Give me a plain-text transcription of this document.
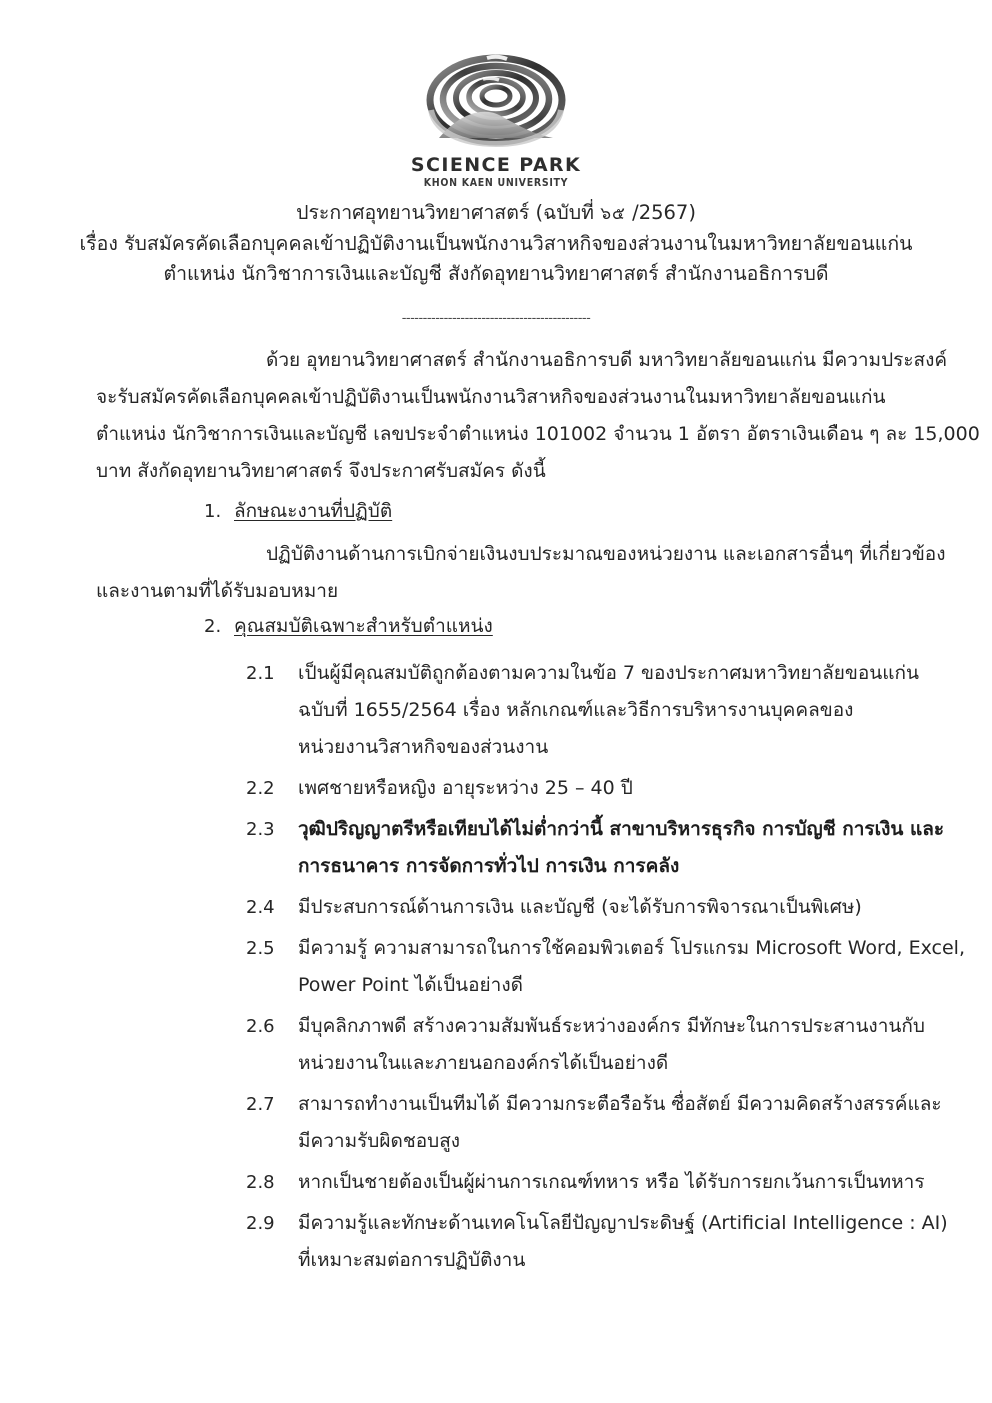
SCIENCE PARK
KHON KAEN UNIVERSITY
ประกาศอุทยานวิทยาศาสตร์ (ฉบับที่ ๖๕ /2567)
เรื่อง รับสมัครคัดเลือกบุคคลเข้าปฏิบัติงานเป็นพนักงานวิสาหกิจของส่วนงานในมหาวิทยาลัยขอนแก่น
ตำแหน่ง นักวิชาการเงินและบัญชี สังกัดอุทยานวิทยาศาสตร์ สำนักงานอธิการบดี
---------------------------------------------
ด้วย อุทยานวิทยาศาสตร์ สำนักงานอธิการบดี มหาวิทยาลัยขอนแก่น มีความประสงค์
จะรับสมัครคัดเลือกบุคคลเข้าปฏิบัติงานเป็นพนักงานวิสาหกิจของส่วนงานในมหาวิทยาลัยขอนแก่น
ตำแหน่ง นักวิชาการเงินและบัญชี เลขประจำตำแหน่ง 101002 จำนวน 1 อัตรา อัตราเงินเดือน ๆ ละ 15,000
บาท สังกัดอุทยานวิทยาศาสตร์ จึงประกาศรับสมัคร ดังนี้
1. ลักษณะงานที่ปฏิบัติ
ปฏิบัติงานด้านการเบิกจ่ายเงินงบประมาณของหน่วยงาน และเอกสารอื่นๆ ที่เกี่ยวข้อง
และงานตามที่ได้รับมอบหมาย
2. คุณสมบัติเฉพาะสำหรับตำแหน่ง
2.1	เป็นผู้มีคุณสมบัติถูกต้องตามความในข้อ 7 ของประกาศมหาวิทยาลัยขอนแก่น
ฉบับที่ 1655/2564 เรื่อง หลักเกณฑ์และวิธีการบริหารงานบุคคลของ
หน่วยงานวิสาหกิจของส่วนงาน
2.2	เพศชายหรือหญิง อายุระหว่าง 25 – 40 ปี
2.3	วุฒิปริญญาตรีหรือเทียบได้ไม่ต่ำกว่านี้ สาขาบริหารธุรกิจ การบัญชี การเงิน และ
การธนาคาร การจัดการทั่วไป การเงิน การคลัง
2.4	มีประสบการณ์ด้านการเงิน และบัญชี (จะได้รับการพิจารณาเป็นพิเศษ)
2.5	มีความรู้ ความสามารถในการใช้คอมพิวเตอร์ โปรแกรม Microsoft Word, Excel,
Power Point ได้เป็นอย่างดี
2.6	มีบุคลิกภาพดี สร้างความสัมพันธ์ระหว่างองค์กร มีทักษะในการประสานงานกับ
หน่วยงานในและภายนอกองค์กรได้เป็นอย่างดี
2.7	สามารถทำงานเป็นทีมได้ มีความกระตือรือร้น ซื่อสัตย์ มีความคิดสร้างสรรค์และ
มีความรับผิดชอบสูง
2.8	หากเป็นชายต้องเป็นผู้ผ่านการเกณฑ์ทหาร หรือ ได้รับการยกเว้นการเป็นทหาร
2.9	มีความรู้และทักษะด้านเทคโนโลยีปัญญาประดิษฐ์ (Artificial Intelligence : AI)
ที่เหมาะสมต่อการปฏิบัติงาน
